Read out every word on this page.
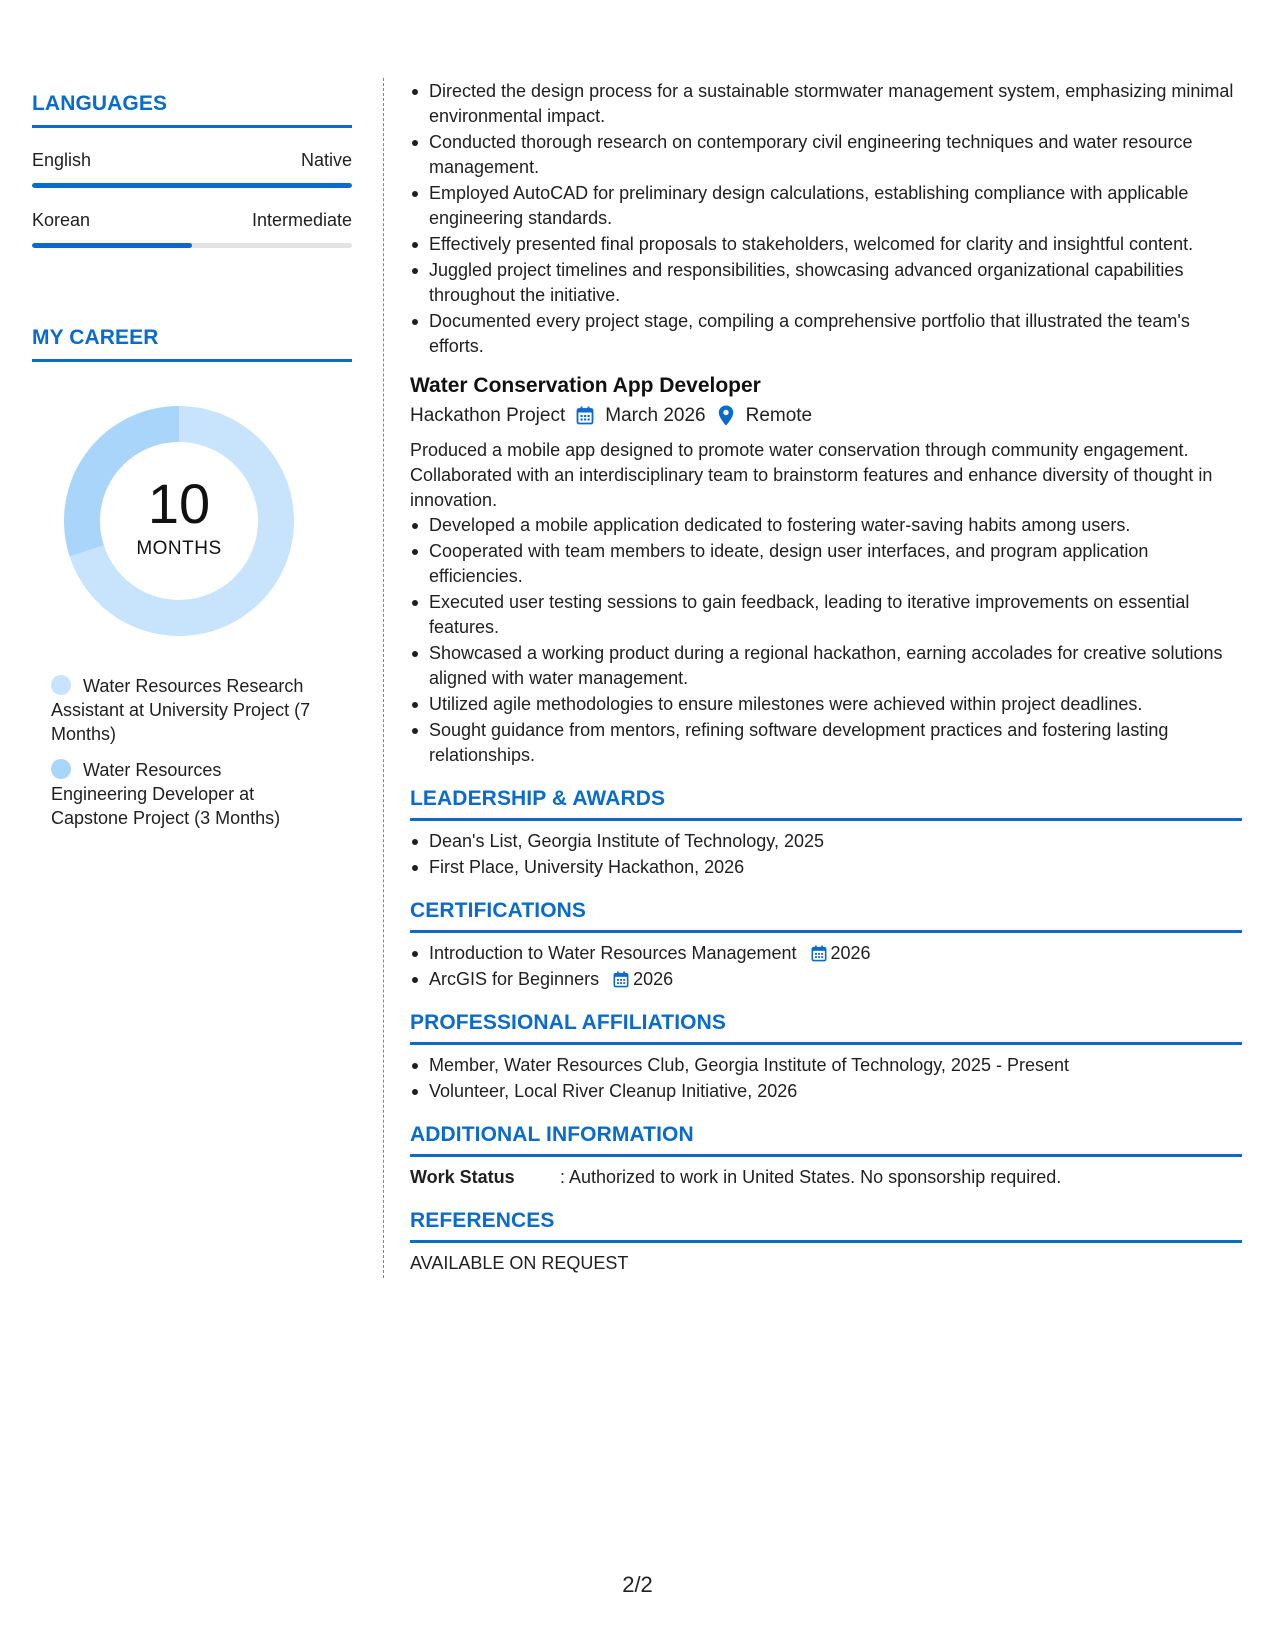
LANGUAGES
English	Native
Korean	Intermediate
MY CAREER
10
MONTHS
Water Resources Research Assistant at University Project (7 Months)
Water Resources Engineering Developer at Capstone Project (3 Months)
Directed the design process for a sustainable stormwater management system, emphasizing minimal environmental impact.
Conducted thorough research on contemporary civil engineering techniques and water resource management.
Employed AutoCAD for preliminary design calculations, establishing compliance with applicable engineering standards.
Effectively presented final proposals to stakeholders, welcomed for clarity and insightful content.
Juggled project timelines and responsibilities, showcasing advanced organizational capabilities throughout the initiative.
Documented every project stage, compiling a comprehensive portfolio that illustrated the team's efforts.
Water Conservation App Developer
Hackathon Project March 2026 Remote
Produced a mobile app designed to promote water conservation through community engagement. Collaborated with an interdisciplinary team to brainstorm features and enhance diversity of thought in innovation.
Developed a mobile application dedicated to fostering water-saving habits among users.
Cooperated with team members to ideate, design user interfaces, and program application efficiencies.
Executed user testing sessions to gain feedback, leading to iterative improvements on essential features.
Showcased a working product during a regional hackathon, earning accolades for creative solutions aligned with water management.
Utilized agile methodologies to ensure milestones were achieved within project deadlines.
Sought guidance from mentors, refining software development practices and fostering lasting relationships.
LEADERSHIP & AWARDS
Dean's List, Georgia Institute of Technology, 2025
First Place, University Hackathon, 2026
CERTIFICATIONS
Introduction to Water Resources Management 2026
ArcGIS for Beginners 2026
PROFESSIONAL AFFILIATIONS
Member, Water Resources Club, Georgia Institute of Technology, 2025 - Present
Volunteer, Local River Cleanup Initiative, 2026
ADDITIONAL INFORMATION
Work Status	: Authorized to work in United States. No sponsorship required.
REFERENCES
AVAILABLE ON REQUEST
2/2
